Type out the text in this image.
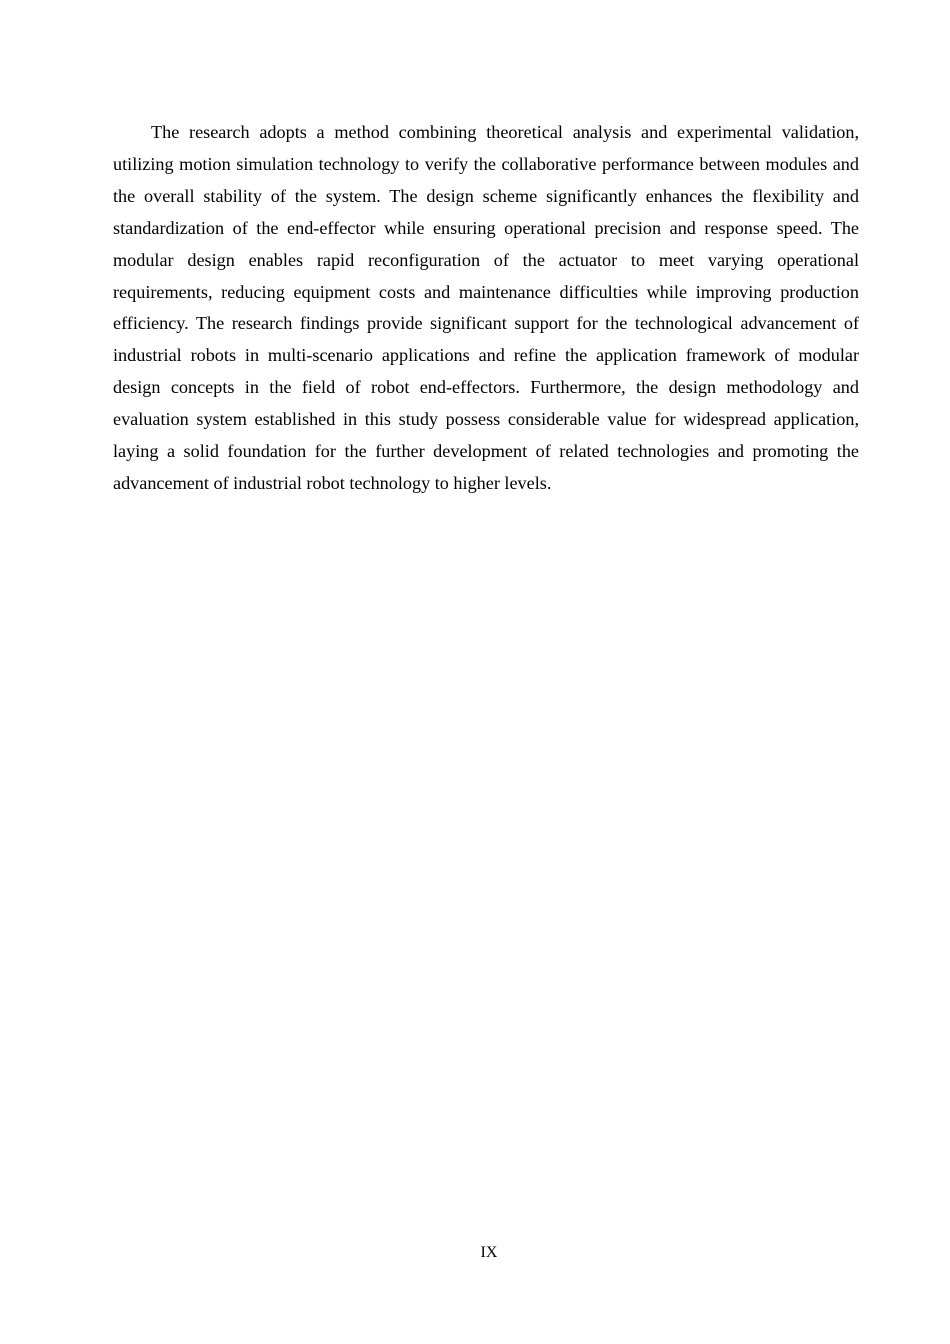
The research adopts a method combining theoretical analysis and experimental validation, utilizing motion simulation technology to verify the collaborative performance between modules and the overall stability of the system. The design scheme significantly enhances the flexibility and standardization of the end-effector while ensuring operational precision and response speed. The modular design enables rapid reconfiguration of the actuator to meet varying operational requirements, reducing equipment costs and maintenance difficulties while improving production efficiency. The research findings provide significant support for the technological advancement of industrial robots in multi-scenario applications and refine the application framework of modular design concepts in the field of robot end-effectors. Furthermore, the design methodology and evaluation system established in this study possess considerable value for widespread application, laying a solid foundation for the further development of related technologies and promoting the advancement of industrial robot technology to higher levels.

IX
